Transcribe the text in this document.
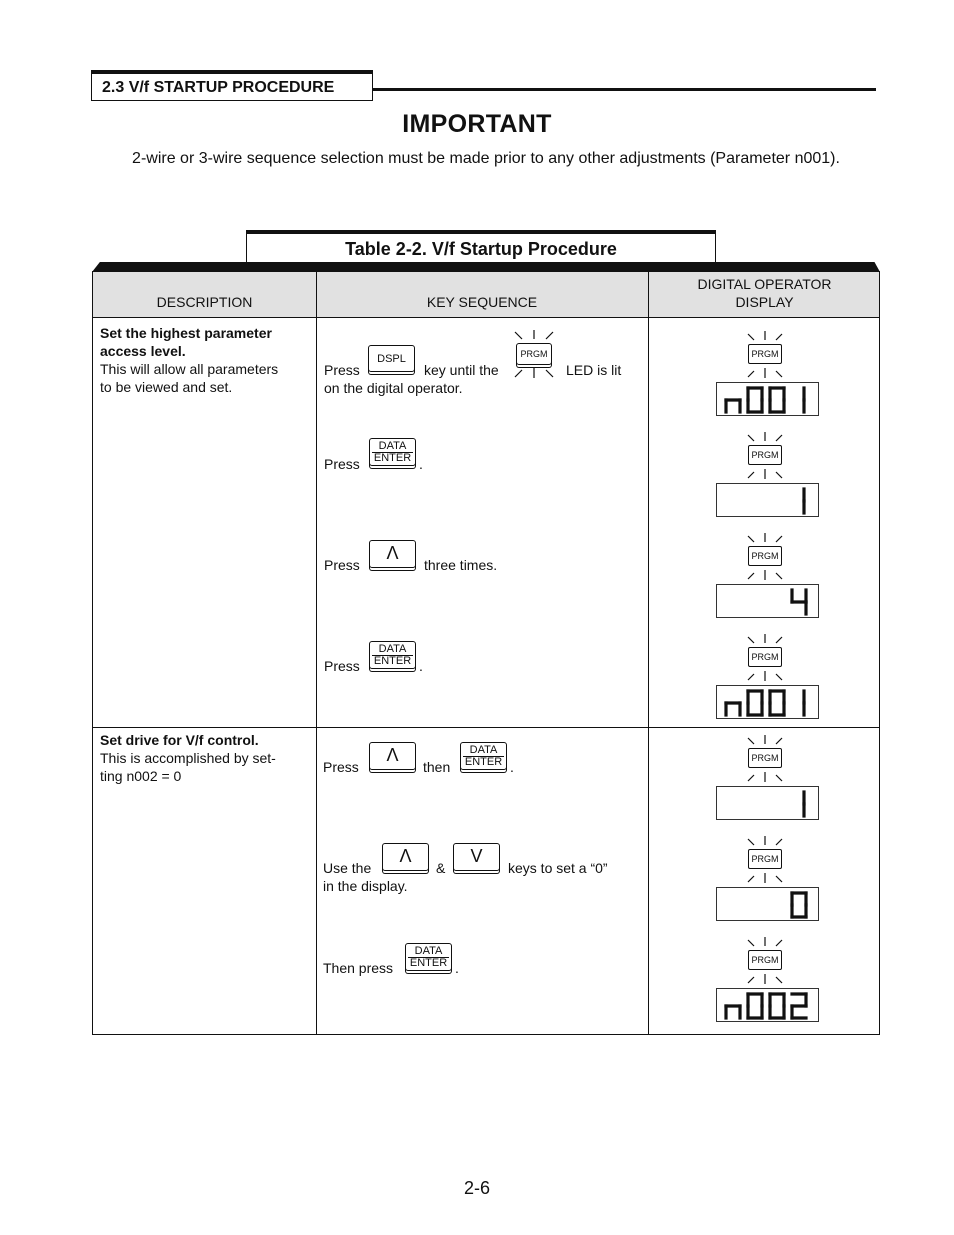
2.3 V/f STARTUP PROCEDURE
IMPORTANT
2-wire or 3-wire sequence selection must be made prior to any other adjustments (Parameter n001).
Table 2-2. V/f Startup Procedure
DESCRIPTION	KEY SEQUENCE
DIGITAL OPERATOR
DISPLAY
Set the highest parameter
access level.
This will allow all parameters
to be viewed and set.
Set drive for V/f control.
This is accomplished by set-
ting n002 = 0
Press
DSPL
key until the
PRGM
LED is lit
on the digital operator.
Press
DATA
ENTER .
Press
Λ
three times.
Press
DATA
ENTER .
Press
Λ
then
DATA
ENTER .
Use the
Λ
&
V
keys to set a “0”
in the display.
Then press
DATA
ENTER .
PRGM
PRGM
PRGM
PRGM
PRGM
PRGM
PRGM
2-6
